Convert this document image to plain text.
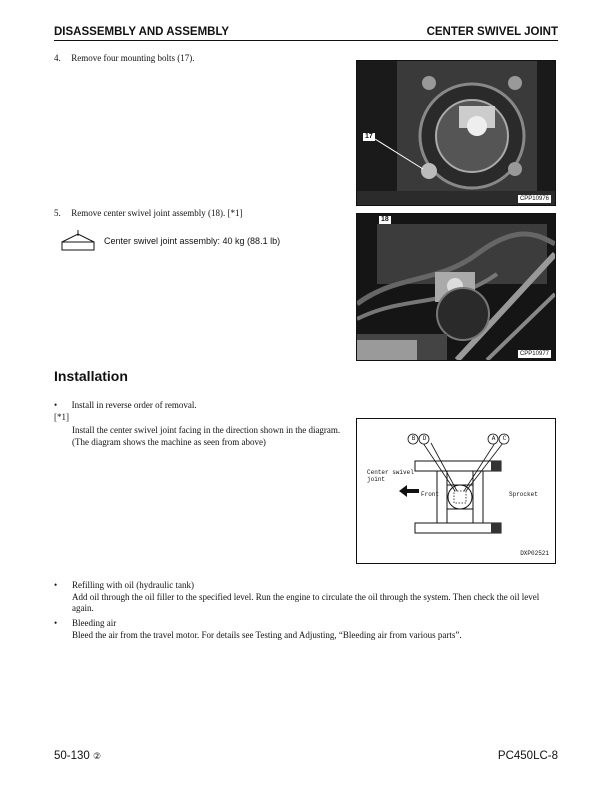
DISASSEMBLY AND ASSEMBLY	CENTER SWIVEL JOINT
4. Remove four mounting bolts (17).
17
CPP10976
5. Remove center swivel joint assembly (18). [*1]
Center swivel joint assembly: 40 kg (88.1 lb)
18
CPP10977
Installation
• Install in reverse order of removal.
[*1]
Install the center swivel joint facing in the direction shown in the diagram.
(The diagram shows the machine as seen from above)	B D	A C
Center swivel
joint
Front	Sprocket
DXP02521
• Refilling with oil (hydraulic tank)
Add oil through the oil filler to the specified level. Run the engine to circulate the oil through the system. Then check the oil level again.
• Bleeding air
Bleed the air from the travel motor. For details see Testing and Adjusting, “Bleeding air from various parts”.
50-130 ②	PC450LC-8
